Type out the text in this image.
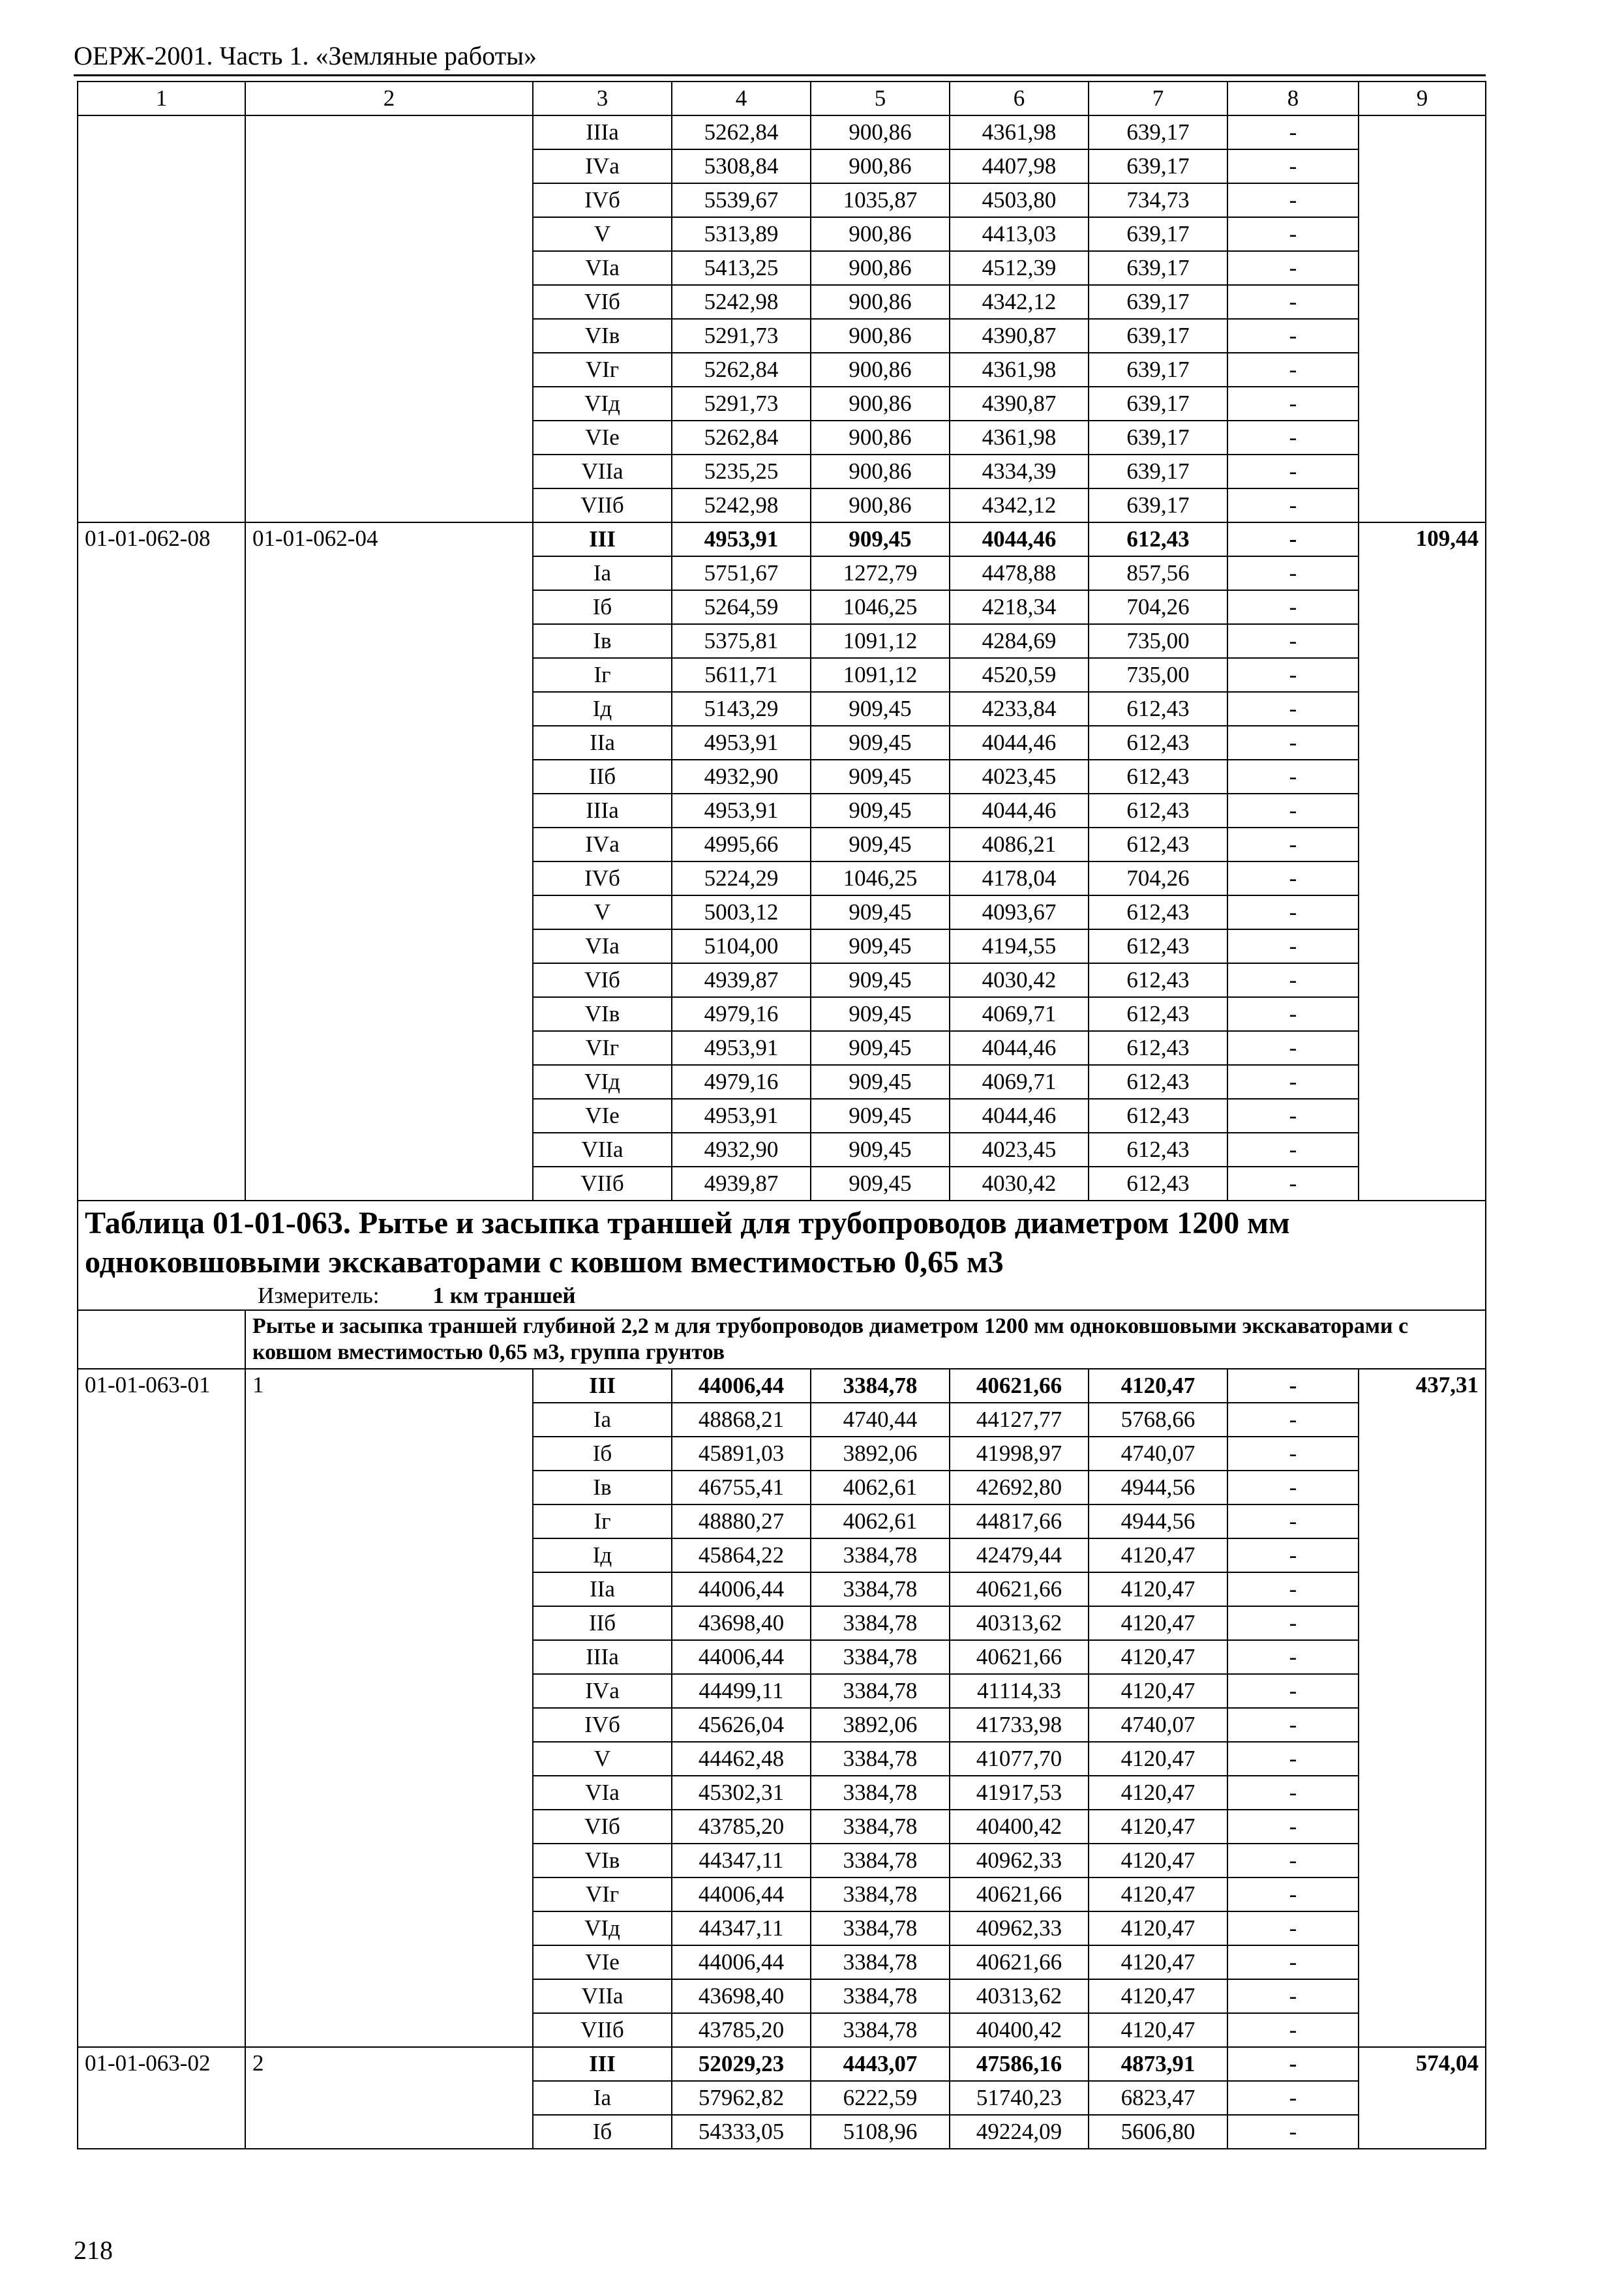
ОЕРЖ-2001. Часть 1. «Земляные работы»
1	2	3	4	5	6	7	8	9
		IIIа	5262,84	900,86	4361,98	639,17	-	
		IVа	5308,84	900,86	4407,98	639,17	-	
		IVб	5539,67	1035,87	4503,80	734,73	-	
		V	5313,89	900,86	4413,03	639,17	-	
		VIа	5413,25	900,86	4512,39	639,17	-	
		VIб	5242,98	900,86	4342,12	639,17	-	
		VIв	5291,73	900,86	4390,87	639,17	-	
		VIг	5262,84	900,86	4361,98	639,17	-	
		VIд	5291,73	900,86	4390,87	639,17	-	
		VIе	5262,84	900,86	4361,98	639,17	-	
		VIIа	5235,25	900,86	4334,39	639,17	-	
		VIIб	5242,98	900,86	4342,12	639,17	-	
01-01-062-08	01-01-062-04	III	4953,91	909,45	4044,46	612,43	-	109,44
		Iа	5751,67	1272,79	4478,88	857,56	-	
		Iб	5264,59	1046,25	4218,34	704,26	-	
		Iв	5375,81	1091,12	4284,69	735,00	-	
		Iг	5611,71	1091,12	4520,59	735,00	-	
		Iд	5143,29	909,45	4233,84	612,43	-	
		IIа	4953,91	909,45	4044,46	612,43	-	
		IIб	4932,90	909,45	4023,45	612,43	-	
		IIIа	4953,91	909,45	4044,46	612,43	-	
		IVа	4995,66	909,45	4086,21	612,43	-	
		IVб	5224,29	1046,25	4178,04	704,26	-	
		V	5003,12	909,45	4093,67	612,43	-	
		VIа	5104,00	909,45	4194,55	612,43	-	
		VIб	4939,87	909,45	4030,42	612,43	-	
		VIв	4979,16	909,45	4069,71	612,43	-	
		VIг	4953,91	909,45	4044,46	612,43	-	
		VIд	4979,16	909,45	4069,71	612,43	-	
		VIе	4953,91	909,45	4044,46	612,43	-	
		VIIа	4932,90	909,45	4023,45	612,43	-	
		VIIб	4939,87	909,45	4030,42	612,43	-	

Таблица 01-01-063. Рытье и засыпка траншей для трубопроводов диаметром 1200 мм одноковшовыми экскаваторами с ковшом вместимостью 0,65 м3
Измеритель: 1 км траншей								

	Рытье и засыпка траншей глубиной 2,2 м для трубопроводов диаметром 1200 мм одноковшовыми экскаваторами с ковшом вместимостью 0,65 м3, группа грунтов							

01-01-063-01	1	III	44006,44	3384,78	40621,66	4120,47	-	437,31
		Iа	48868,21	4740,44	44127,77	5768,66	-	
		Iб	45891,03	3892,06	41998,97	4740,07	-	
		Iв	46755,41	4062,61	42692,80	4944,56	-	
		Iг	48880,27	4062,61	44817,66	4944,56	-	
		Iд	45864,22	3384,78	42479,44	4120,47	-	
		IIа	44006,44	3384,78	40621,66	4120,47	-	
		IIб	43698,40	3384,78	40313,62	4120,47	-	
		IIIа	44006,44	3384,78	40621,66	4120,47	-	
		IVа	44499,11	3384,78	41114,33	4120,47	-	
		IVб	45626,04	3892,06	41733,98	4740,07	-	
		V	44462,48	3384,78	41077,70	4120,47	-	
		VIа	45302,31	3384,78	41917,53	4120,47	-	
		VIб	43785,20	3384,78	40400,42	4120,47	-	
		VIв	44347,11	3384,78	40962,33	4120,47	-	
		VIг	44006,44	3384,78	40621,66	4120,47	-	
		VIд	44347,11	3384,78	40962,33	4120,47	-	
		VIе	44006,44	3384,78	40621,66	4120,47	-	
		VIIа	43698,40	3384,78	40313,62	4120,47	-	
		VIIб	43785,20	3384,78	40400,42	4120,47	-	
01-01-063-02	2	III	52029,23	4443,07	47586,16	4873,91	-	574,04
		Iа	57962,82	6222,59	51740,23	6823,47	-	
		Iб	54333,05	5108,96	49224,09	5606,80	-	
218
